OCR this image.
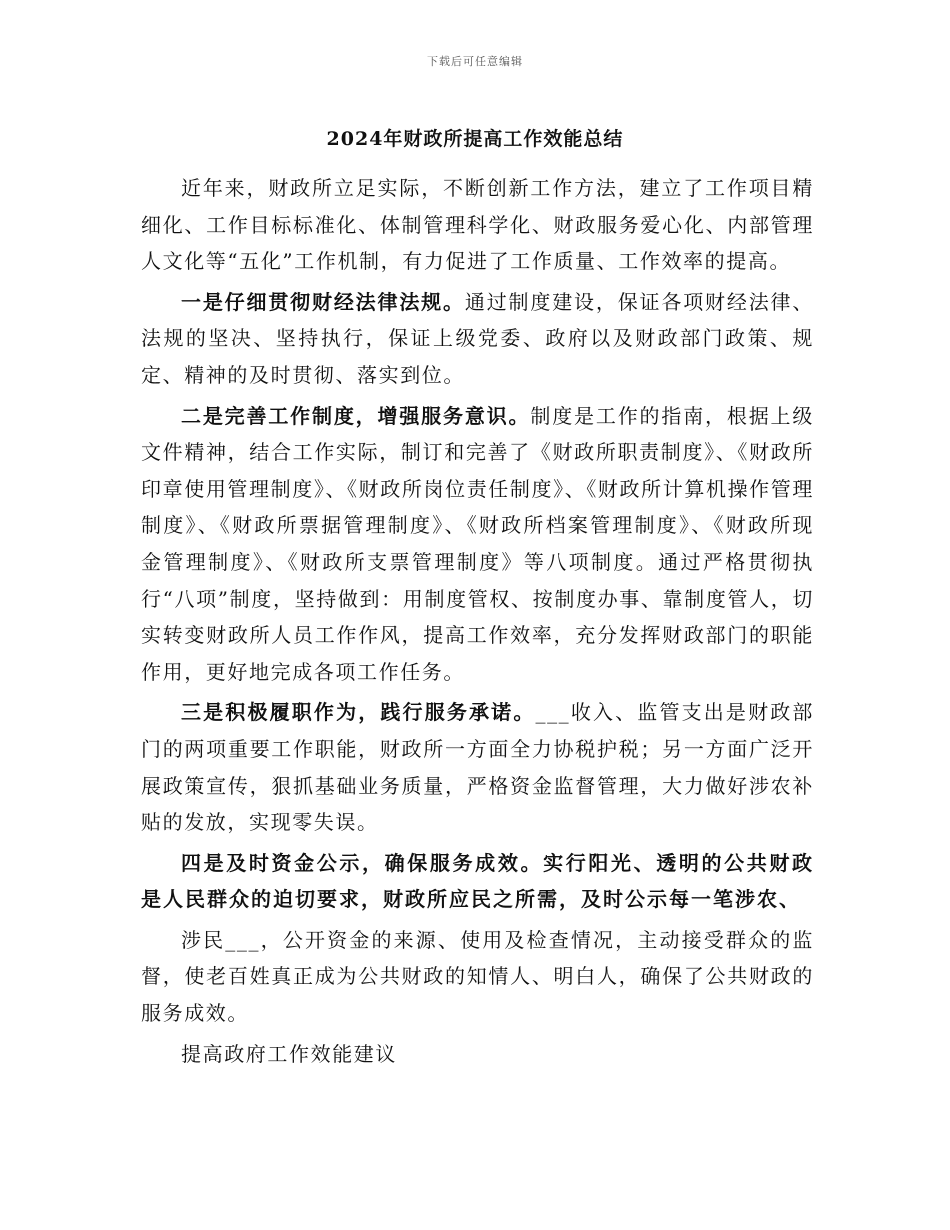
下载后可任意编辑
2024年财政所提高工作效能总结

近年来，财政所立足实际，不断创新工作方法，建立了工作项目精细化、工作目标标准化、体制管理科学化、财政服务爱心化、内部管理人文化等“五化”工作机制，有力促进了工作质量、工作效率的提高。

一是仔细贯彻财经法律法规。通过制度建设，保证各项财经法律、法规的坚决、坚持执行，保证上级党委、政府以及财政部门政策、规定、精神的及时贯彻、落实到位。

二是完善工作制度，增强服务意识。制度是工作的指南，根据上级文件精神，结合工作实际，制订和完善了《财政所职责制度》、《财政所印章使用管理制度》、《财政所岗位责任制度》、《财政所计算机操作管理制度》、《财政所票据管理制度》、《财政所档案管理制度》、《财政所现金管理制度》、《财政所支票管理制度》等八项制度。通过严格贯彻执行“八项”制度，坚持做到：用制度管权、按制度办事、靠制度管人，切实转变财政所人员工作作风，提高工作效率，充分发挥财政部门的职能作用，更好地完成各项工作任务。

三是积极履职作为，践行服务承诺。___收入、监管支出是财政部门的两项重要工作职能，财政所一方面全力协税护税；另一方面广泛开展政策宣传，狠抓基础业务质量，严格资金监督管理，大力做好涉农补贴的发放，实现零失误。

四是及时资金公示，确保服务成效。实行阳光、透明的公共财政是人民群众的迫切要求，财政所应民之所需，及时公示每一笔涉农、

涉民___，公开资金的来源、使用及检查情况，主动接受群众的监督，使老百姓真正成为公共财政的知情人、明白人，确保了公共财政的服务成效。

提高政府工作效能建议
